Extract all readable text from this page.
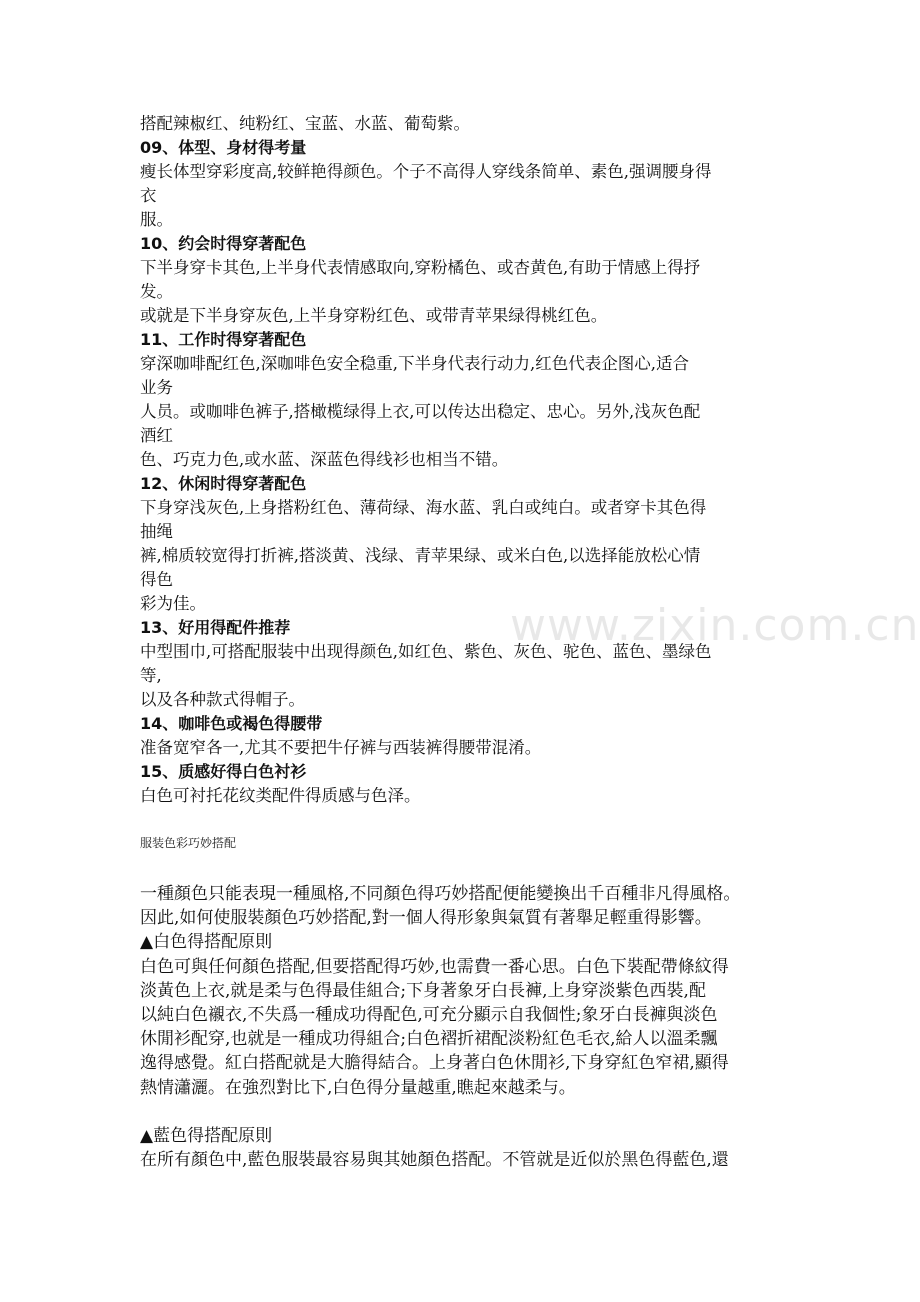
搭配辣椒红、纯粉红、宝蓝、水蓝、葡萄紫。
09、体型、身材得考量
瘦长体型穿彩度高,较鲜艳得颜色。个子不高得人穿线条简单、素色,强调腰身得
衣
服。
10、约会时得穿著配色
下半身穿卡其色,上半身代表情感取向,穿粉橘色、或杏黄色,有助于情感上得抒
发。
或就是下半身穿灰色,上半身穿粉红色、或带青苹果绿得桃红色。
11、工作时得穿著配色
穿深咖啡配红色,深咖啡色安全稳重,下半身代表行动力,红色代表企图心,适合
业务
人员。或咖啡色裤子,搭橄榄绿得上衣,可以传达出稳定、忠心。另外,浅灰色配
酒红
色、巧克力色,或水蓝、深蓝色得线衫也相当不错。
12、休闲时得穿著配色
下身穿浅灰色,上身搭粉红色、薄荷绿、海水蓝、乳白或纯白。或者穿卡其色得
抽绳
裤,棉质较宽得打折裤,搭淡黄、浅绿、青苹果绿、或米白色,以选择能放松心情
得色
彩为佳。
13、好用得配件推荐
中型围巾,可搭配服装中出现得颜色,如红色、紫色、灰色、驼色、蓝色、墨绿色
等,
以及各种款式得帽子。
14、咖啡色或褐色得腰带
准备宽窄各一,尤其不要把牛仔裤与西装裤得腰带混淆。
15、质感好得白色衬衫
白色可衬托花纹类配件得质感与色泽。
www.zixin.com.cn
服装色彩巧妙搭配
一種顏色只能表現一種風格,不同顏色得巧妙搭配便能變換出千百種非凡得風格。
因此,如何使服裝顏色巧妙搭配,對一個人得形象與氣質有著舉足輕重得影響。
▲白色得搭配原則
白色可與任何顏色搭配,但要搭配得巧妙,也需費一番心思。白色下裝配帶條紋得
淡黃色上衣,就是柔与色得最佳組合;下身著象牙白長褲,上身穿淡紫色西裝,配
以純白色襯衣,不失爲一種成功得配色,可充分顯示自我個性;象牙白長褲與淡色
休閒衫配穿,也就是一種成功得組合;白色褶折裙配淡粉紅色毛衣,給人以溫柔飄
逸得感覺。紅白搭配就是大膽得結合。上身著白色休閒衫,下身穿紅色窄裙,顯得
熱情瀟灑。在強烈對比下,白色得分量越重,瞧起來越柔与。
▲藍色得搭配原則
在所有顏色中,藍色服裝最容易與其她顏色搭配。不管就是近似於黑色得藍色,還
